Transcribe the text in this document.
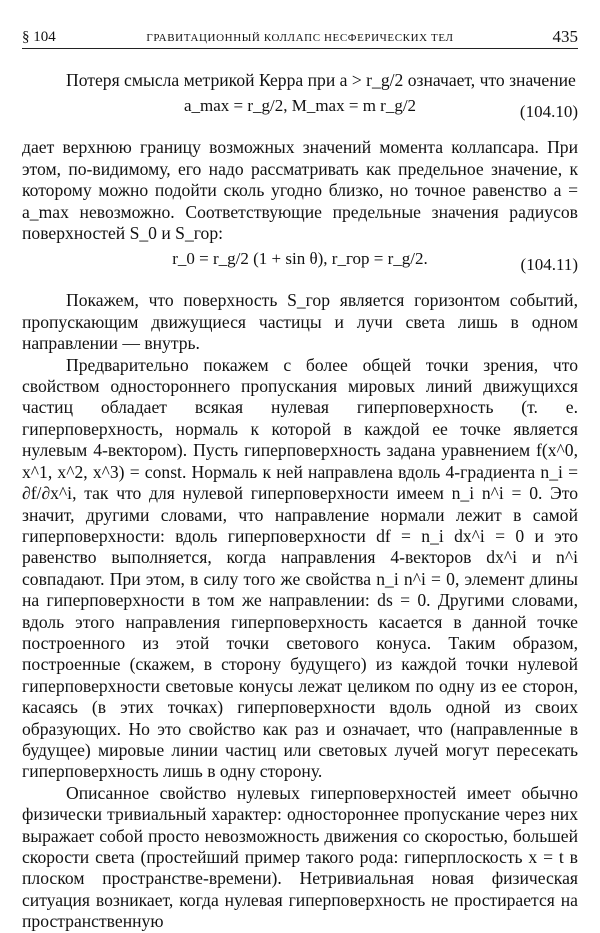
§ 104	ГРАВИТАЦИОННЫЙ КОЛЛАПС НЕСФЕРИЧЕСКИХ ТЕЛ	435

Потеря смысла метрикой Керра при a > r_g/2 означает, что значение

a_max = r_g/2, M_max = m r_g/2	(104.10)

дает верхнюю границу возможных значений момента коллапсара. При этом, по-видимому, его надо рассматривать как предельное значение, к которому можно подойти сколь угодно близко, но точное равенство a = a_max невозможно. Соответствующие предельные значения радиусов поверхностей S_0 и S_гор:

r_0 = r_g/2 (1 + sin θ), r_гор = r_g/2.	(104.11)

Покажем, что поверхность S_гор является горизонтом событий, пропускающим движущиеся частицы и лучи света лишь в одном направлении — внутрь.

Предварительно покажем с более общей точки зрения, что свойством одностороннего пропускания мировых линий движущихся частиц обладает всякая нулевая гиперповерхность (т. е. гиперповерхность, нормаль к которой в каждой ее точке является нулевым 4-вектором). Пусть гиперповерхность задана уравнением f(x^0, x^1, x^2, x^3) = const. Нормаль к ней направлена вдоль 4-градиента n_i = ∂f/∂x^i, так что для нулевой гиперповерхности имеем n_i n^i = 0. Это значит, другими словами, что направление нормали лежит в самой гиперповерхности: вдоль гиперповерхности df = n_i dx^i = 0 и это равенство выполняется, когда направления 4-векторов dx^i и n^i совпадают. При этом, в силу того же свойства n_i n^i = 0, элемент длины на гиперповерхности в том же направлении: ds = 0. Другими словами, вдоль этого направления гиперповерхность касается в данной точке построенного из этой точки светового конуса. Таким образом, построенные (скажем, в сторону будущего) из каждой точки нулевой гиперповерхности световые конусы лежат целиком по одну из ее сторон, касаясь (в этих точках) гиперповерхности вдоль одной из своих образующих. Но это свойство как раз и означает, что (направленные в будущее) мировые линии частиц или световых лучей могут пересекать гиперповерхность лишь в одну сторону.

Описанное свойство нулевых гиперповерхностей имеет обычно физически тривиальный характер: одностороннее пропускание через них выражает собой просто невозможность движения со скоростью, большей скорости света (простейший пример такого рода: гиперплоскость x = t в плоском пространстве-времени). Нетривиальная новая физическая ситуация возникает, когда нулевая гиперповерхность не простирается на пространственную
